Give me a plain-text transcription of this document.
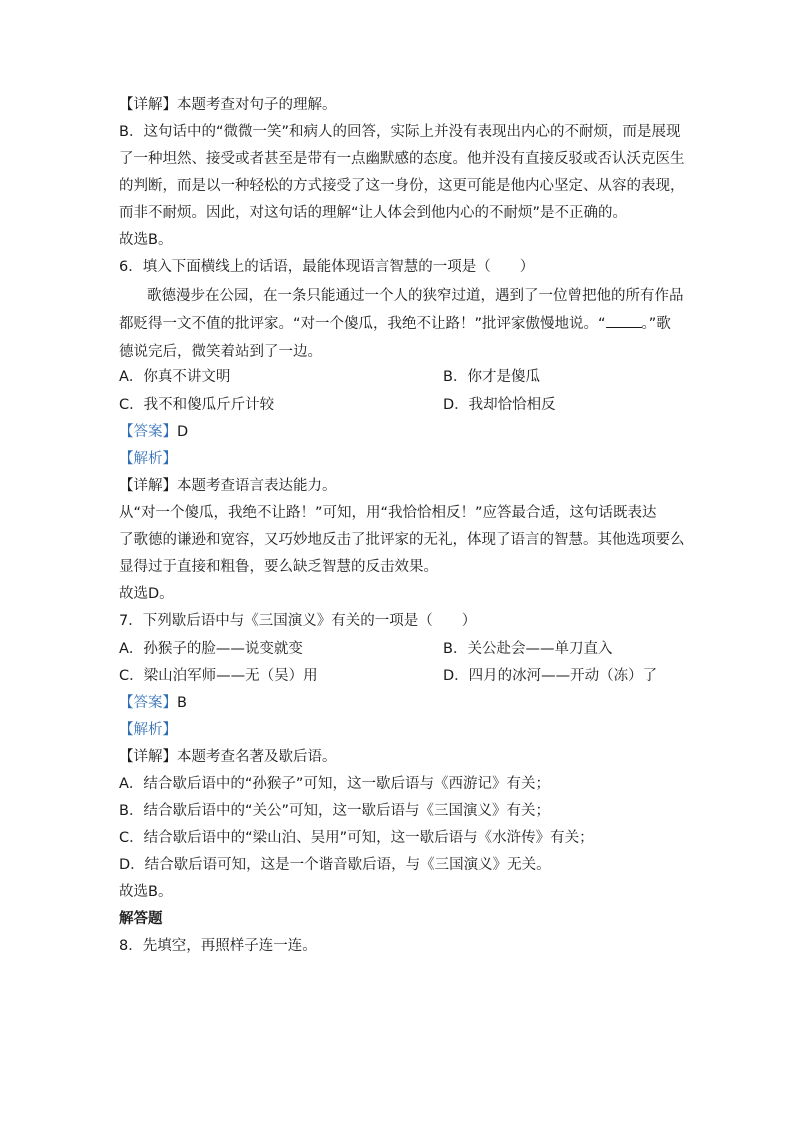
【详解】本题考查对句子的理解。
B．这句话中的“微微一笑”和病人的回答，实际上并没有表现出内心的不耐烦，而是展现
了一种坦然、接受或者甚至是带有一点幽默感的态度。他并没有直接反驳或否认沃克医生
的判断，而是以一种轻松的方式接受了这一身份，这更可能是他内心坚定、从容的表现，
而非不耐烦。因此，对这句话的理解“让人体会到他内心的不耐烦”是不正确的。
故选B。
6．填入下面横线上的话语，最能体现语言智慧的一项是（　　）
歌德漫步在公园，在一条只能通过一个人的狭窄过道，遇到了一位曾把他的所有作品
都贬得一文不值的批评家。“对一个傻瓜，我绝不让路！”批评家傲慢地说。“ 。”歌
德说完后，微笑着站到了一边。
A．你真不讲文明	B．你才是傻瓜
C．我不和傻瓜斤斤计较	D．我却恰恰相反
【答案】D
【解析】
【详解】本题考查语言表达能力。
从“对一个傻瓜，我绝不让路！”可知，用“我恰恰相反！”应答最合适，这句话既表达
了歌德的谦逊和宽容，又巧妙地反击了批评家的无礼，体现了语言的智慧。其他选项要么
显得过于直接和粗鲁，要么缺乏智慧的反击效果。
故选D。
7．下列歇后语中与《三国演义》有关的一项是（　　）
A．孙猴子的脸——说变就变	B．关公赴会——单刀直入
C．梁山泊军师——无（吴）用	D．四月的冰河——开动（冻）了
【答案】B
【解析】
【详解】本题考查名著及歇后语。
A．结合歇后语中的“孙猴子”可知，这一歇后语与《西游记》有关；
B．结合歇后语中的“关公”可知，这一歇后语与《三国演义》有关；
C．结合歇后语中的“梁山泊、吴用”可知，这一歇后语与《水浒传》有关；
D．结合歇后语可知，这是一个谐音歇后语，与《三国演义》无关。
故选B。
解答题
8．先填空，再照样子连一连。
